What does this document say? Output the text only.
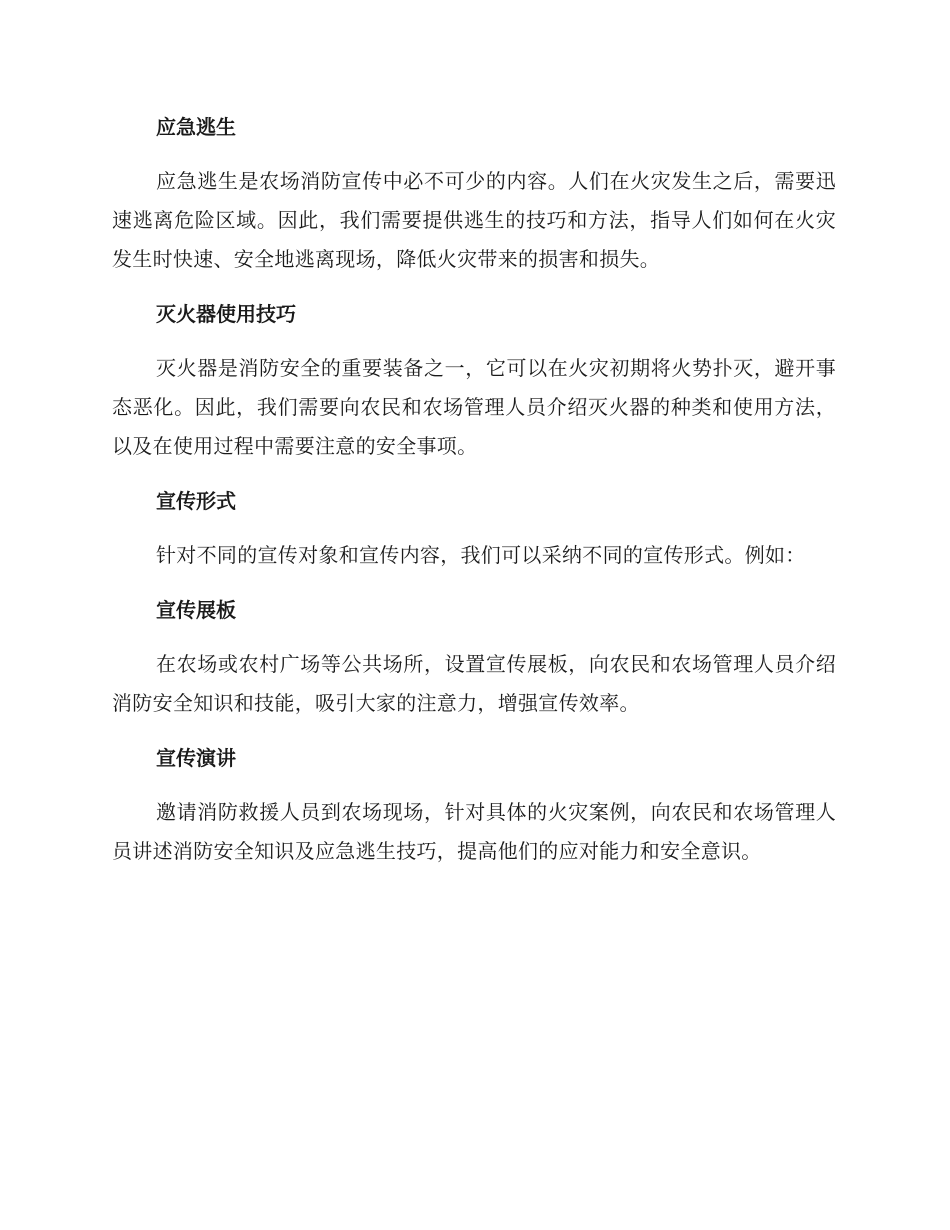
应急逃生

应急逃生是农场消防宣传中必不可少的内容。人们在火灾发生之后，需要迅速逃离危险区域。因此，我们需要提供逃生的技巧和方法，指导人们如何在火灾发生时快速、安全地逃离现场，降低火灾带来的损害和损失。

灭火器使用技巧

灭火器是消防安全的重要装备之一，它可以在火灾初期将火势扑灭，避开事态恶化。因此，我们需要向农民和农场管理人员介绍灭火器的种类和使用方法，以及在使用过程中需要注意的安全事项。

宣传形式

针对不同的宣传对象和宣传内容，我们可以采纳不同的宣传形式。例如：

宣传展板

在农场或农村广场等公共场所，设置宣传展板，向农民和农场管理人员介绍消防安全知识和技能，吸引大家的注意力，增强宣传效率。

宣传演讲

邀请消防救援人员到农场现场，针对具体的火灾案例，向农民和农场管理人员讲述消防安全知识及应急逃生技巧，提高他们的应对能力和安全意识。
